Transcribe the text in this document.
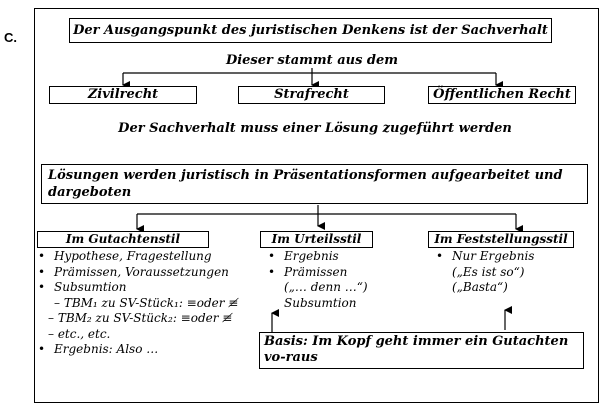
C.	Der Ausgangspunkt des juristischen Denkens ist der Sachverhalt
Dieser stammt aus dem
Zivilrecht	Strafrecht	Öffentlichen Recht
Der Sachverhalt muss einer Lösung zugeführt werden
Lösungen werden juristisch in Präsentationsformen aufgearbeitet und dargeboten
Im Gutachtenstil	Im Urteilsstil	Im Feststellungsstil
• Hypothese, Fragestellung
• Prämissen, Voraussetzungen
• Subsumtion
– TBM₁ zu SV-Stück₁: ≡oder ≢
– TBM₂ zu SV-Stück₂: ≡oder ≢
– etc., etc.
• Ergebnis: Also …
• Ergebnis
• Prämissen
(„… denn …“)
Subsumtion
• Nur Ergebnis
(„Es ist so“)
(„Basta“)
Basis: Im Kopf geht immer ein Gutachten vo-raus
